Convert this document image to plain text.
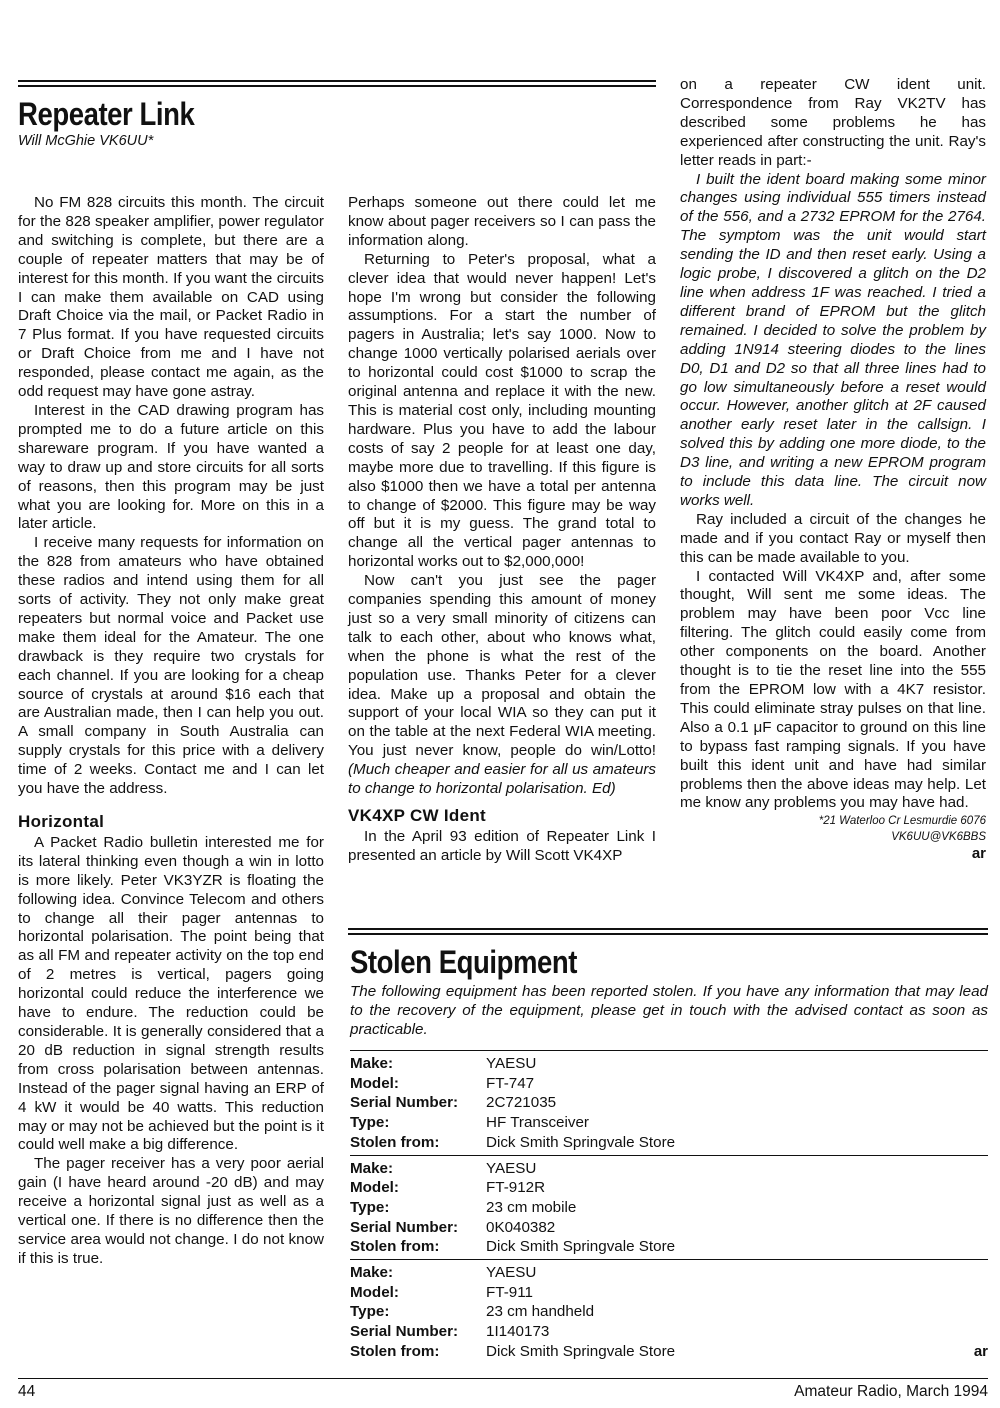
Repeater Link
Will McGhie VK6UU*

No FM 828 circuits this month. The circuit for the 828 speaker amplifier, power regulator and switching is complete, but there are a couple of repeater matters that may be of interest for this month. If you want the circuits I can make them available on CAD using Draft Choice via the mail, or Packet Radio in 7 Plus format. If you have requested circuits or Draft Choice from me and I have not responded, please contact me again, as the odd request may have gone astray.

Interest in the CAD drawing program has prompted me to do a future article on this shareware program. If you have wanted a way to draw up and store circuits for all sorts of reasons, then this program may be just what you are looking for. More on this in a later article.

I receive many requests for information on the 828 from amateurs who have obtained these radios and intend using them for all sorts of activity. They not only make great repeaters but normal voice and Packet use make them ideal for the Amateur. The one drawback is they require two crystals for each channel. If you are looking for a cheap source of crystals at around $16 each that are Australian made, then I can help you out. A small company in South Australia can supply crystals for this price with a delivery time of 2 weeks. Contact me and I can let you have the address.

Horizontal

A Packet Radio bulletin interested me for its lateral thinking even though a win in lotto is more likely. Peter VK3YZR is floating the following idea. Convince Telecom and others to change all their pager antennas to horizontal polarisation. The point being that as all FM and repeater activity on the top end of 2 metres is vertical, pagers going horizontal could reduce the interference we have to endure. The reduction could be considerable. It is generally considered that a 20 dB reduction in signal strength results from cross polarisation between antennas. Instead of the pager signal having an ERP of 4 kW it would be 40 watts. This reduction may or may not be achieved but the point is it could well make a big difference.

The pager receiver has a very poor aerial gain (I have heard around -20 dB) and may receive a horizontal signal just as well as a vertical one. If there is no difference then the service area would not change. I do not know if this is true.

Perhaps someone out there could let me know about pager receivers so I can pass the information along.

Returning to Peter's proposal, what a clever idea that would never happen! Let's hope I'm wrong but consider the following assumptions. For a start the number of pagers in Australia; let's say 1000. Now to change 1000 vertically polarised aerials over to horizontal could cost $1000 to scrap the original antenna and replace it with the new. This is material cost only, including mounting hardware. Plus you have to add the labour costs of say 2 people for at least one day, maybe more due to travelling. If this figure is also $1000 then we have a total per antenna to change of $2000. This figure may be way off but it is my guess. The grand total to change all the vertical pager antennas to horizontal works out to $2,000,000!

Now can't you just see the pager companies spending this amount of money just so a very small minority of citizens can talk to each other, about who knows what, when the phone is what the rest of the population use. Thanks Peter for a clever idea. Make up a proposal and obtain the support of your local WIA so they can put it on the table at the next Federal WIA meeting. You just never know, people do win/Lotto! (Much cheaper and easier for all us amateurs to change to horizontal polarisation. Ed)

VK4XP CW Ident

In the April 93 edition of Repeater Link I presented an article by Will Scott VK4XP

on a repeater CW ident unit. Correspondence from Ray VK2TV has described some problems he has experienced after constructing the unit. Ray's letter reads in part:-

I built the ident board making some minor changes using individual 555 timers instead of the 556, and a 2732 EPROM for the 2764. The symptom was the unit would start sending the ID and then reset early. Using a logic probe, I discovered a glitch on the D2 line when address 1F was reached. I tried a different brand of EPROM but the glitch remained. I decided to solve the problem by adding 1N914 steering diodes to the lines D0, D1 and D2 so that all three lines had to go low simultaneously before a reset would occur. However, another glitch at 2F caused another early reset later in the callsign. I solved this by adding one more diode, to the D3 line, and writing a new EPROM program to include this data line. The circuit now works well.

Ray included a circuit of the changes he made and if you contact Ray or myself then this can be made available to you.

I contacted Will VK4XP and, after some thought, Will sent me some ideas. The problem may have been poor Vcc line filtering. The glitch could easily come from other components on the board. Another thought is to tie the reset line into the 555 from the EPROM low with a 4K7 resistor. This could eliminate stray pulses on that line. Also a 0.1 μF capacitor to ground on this line to bypass fast ramping signals. If you have built this ident unit and have had similar problems then the above ideas may help. Let me know any problems you may have had.

*21 Waterloo Cr Lesmurdie 6076
VK6UU@VK6BBS
ar
Stolen Equipment
The following equipment has been reported stolen. If you have any information that may lead to the recovery of the equipment, please get in touch with the advised contact as soon as practicable.
Make:	YAESU
Model:	FT-747
Serial Number:	2C721035
Type:	HF Transceiver
Stolen from:	Dick Smith Springvale Store
Make:	YAESU
Model:	FT-912R
Type:	23 cm mobile
Serial Number:	0K040382
Stolen from:	Dick Smith Springvale Store
Make:	YAESU
Model:	FT-911
Type:	23 cm handheld
Serial Number:	1I140173
Stolen from:	Dick Smith Springvale Store	ar
44	Amateur Radio, March 1994
